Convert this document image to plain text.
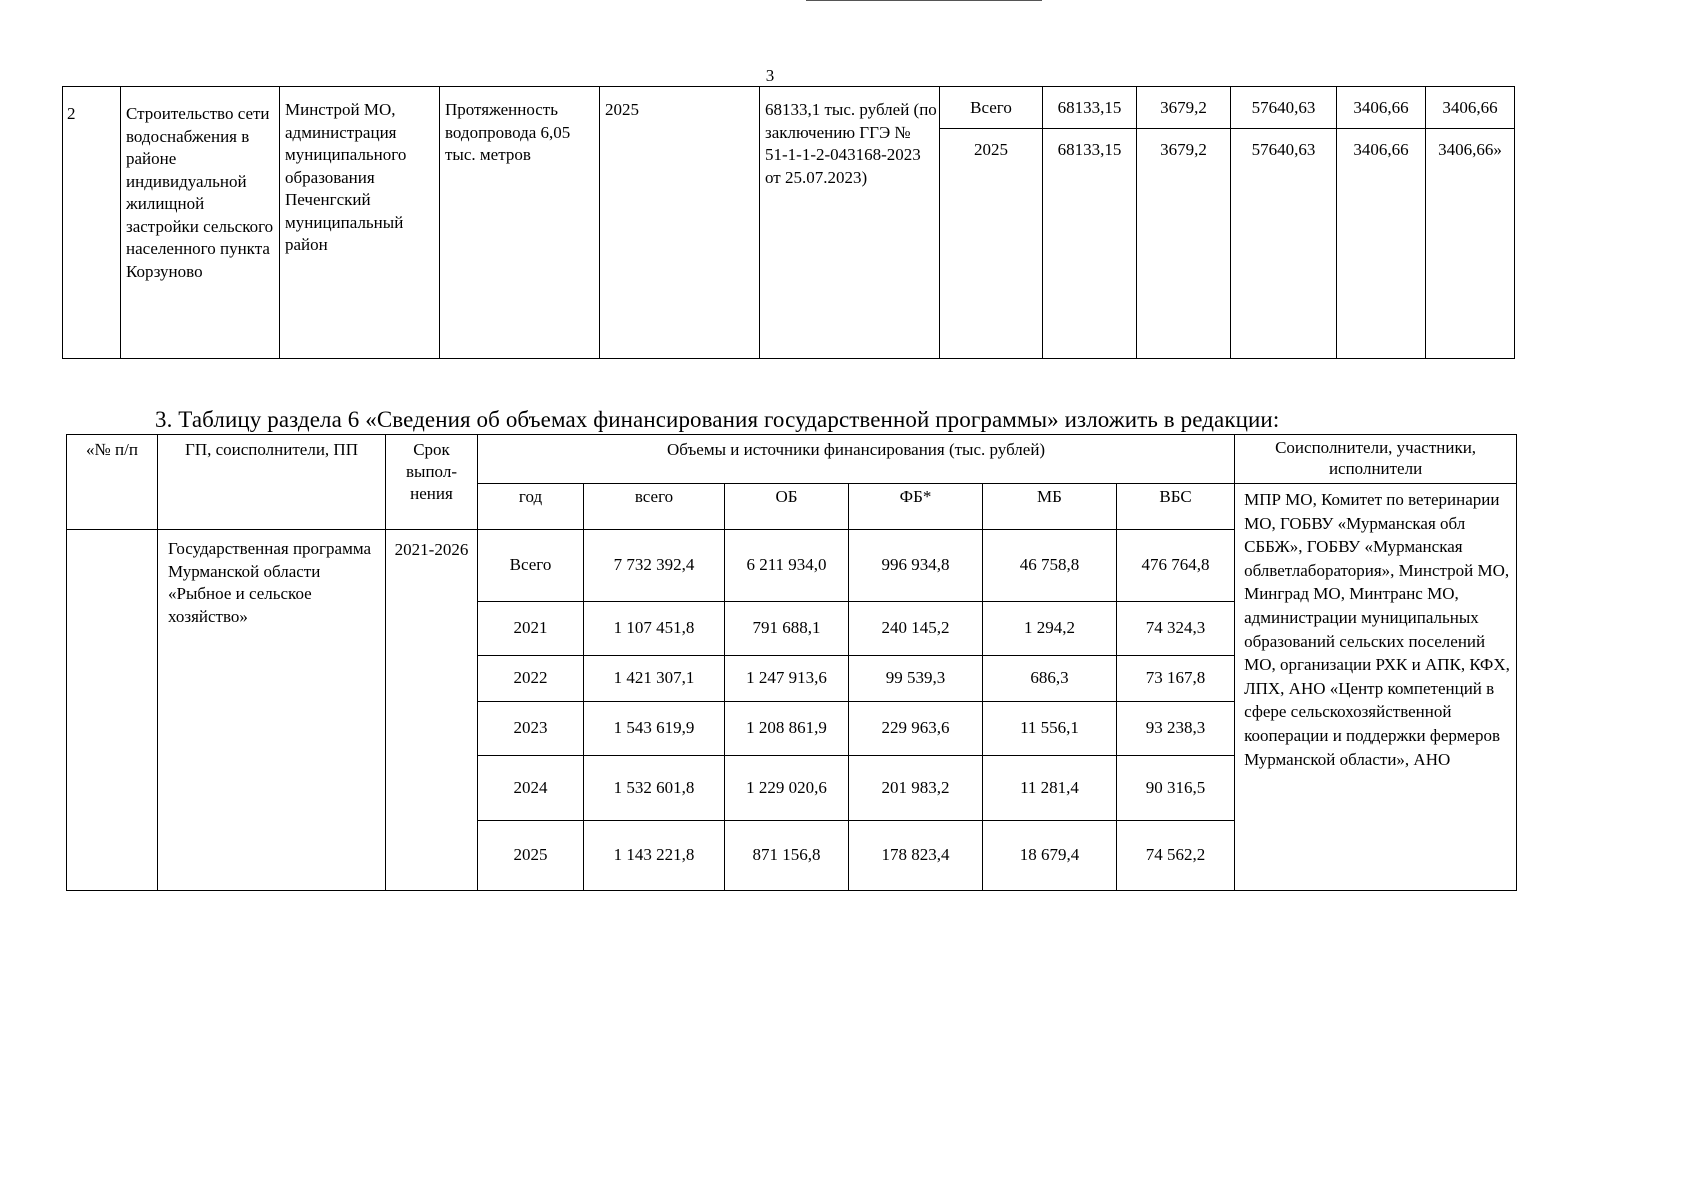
3
2	Строительство сети водоснабжения в районе индивидуальной жилищной застройки сельского населенного пункта Корзуново	Минстрой МО, администрация муниципального образования Печенгский муниципальный район	Протяженность водопровода 6,05 тыс. метров	2025	68133,1 тыс. рублей (по заключению ГГЭ № 51-1-1-2-043168-2023 от 25.07.2023)	Всего	68133,15	3679,2	57640,63	3406,66	3406,66
						2025	68133,15	3679,2	57640,63	3406,66	3406,66»
3. Таблицу раздела 6 «Сведения об объемах финансирования государственной программы» изложить в редакции:
«№ п/п	ГП, соисполнители, ПП	Срок выпол-нения	Объемы и источники финансирования (тыс. рублей)						Соисполнители, участники, исполнители
			год	всего	ОБ	ФБ*	МБ	ВБС	МПР МО, Комитет по ветеринарии МО, ГОБВУ «Мурманская обл СББЖ», ГОБВУ «Мурманская облветлаборатория», Минстрой МО, Минград МО, Минтранс МО, администрации муниципальных образований сельских поселений МО, организации РХК и АПК, КФХ, ЛПХ, АНО «Центр компетенций в сфере сельскохозяйственной кооперации и поддержки фермеров Мурманской области», АНО
	Государственная программа Мурманской области «Рыбное и сельское хозяйство»	2021-2026	Всего	7 732 392,4	6 211 934,0	996 934,8	46 758,8	476 764,8	
			2021	1 107 451,8	791 688,1	240 145,2	1 294,2	74 324,3	
			2022	1 421 307,1	1 247 913,6	99 539,3	686,3	73 167,8	
			2023	1 543 619,9	1 208 861,9	229 963,6	11 556,1	93 238,3	
			2024	1 532 601,8	1 229 020,6	201 983,2	11 281,4	90 316,5	
			2025	1 143 221,8	871 156,8	178 823,4	18 679,4	74 562,2	
